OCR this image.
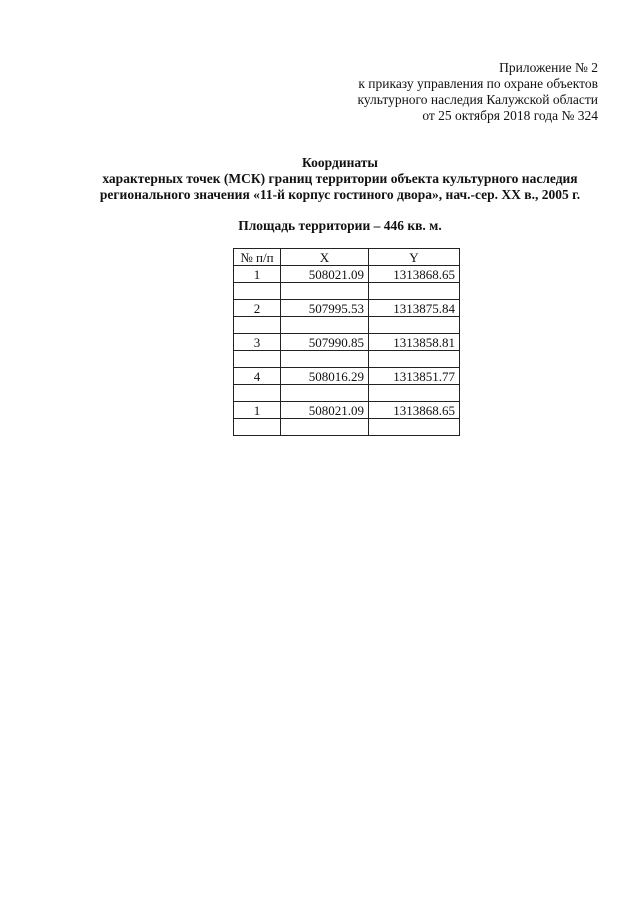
Приложение № 2
к приказу управления по охране объектов
культурного наследия Калужской области
от 25 октября 2018 года № 324
Координаты
характерных точек (МСК) границ территории объекта культурного наследия
регионального значения «11-й корпус гостиного двора», нач.-сер. XX в., 2005 г.
Площадь территории – 446 кв. м.
№ п/п	X	Y
1	508021.09	1313868.65

2	507995.53	1313875.84

3	507990.85	1313858.81

4	508016.29	1313851.77

1	508021.09	1313868.65
